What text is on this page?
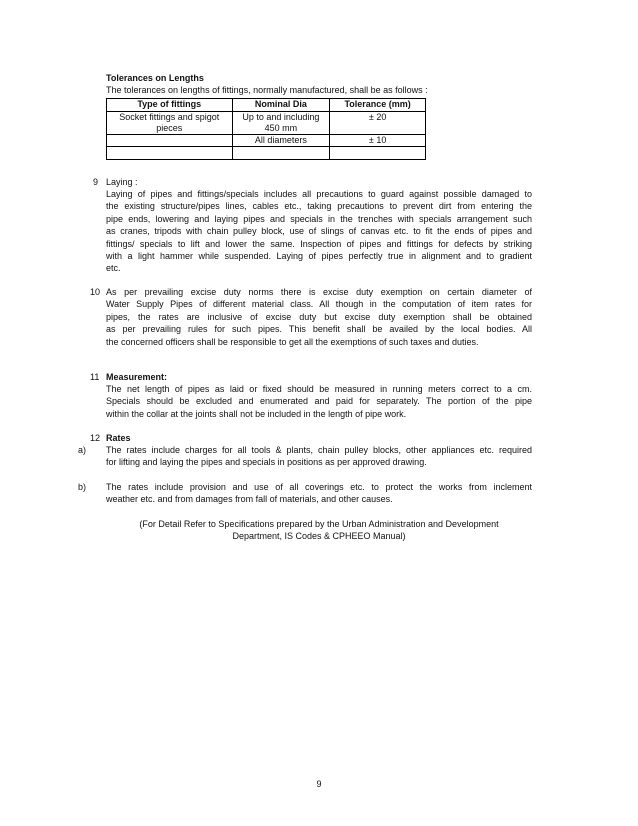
Tolerances on Lengths
The tolerances on lengths of fittings, normally manufactured, shall be as follows :
Type of fittings	Nominal Dia	Tolerance (mm)
Socket fittings and spigot pieces	Up to and including 450 mm	± 20
	All diameters	± 10

9 Laying :
Laying of pipes and fittings/specials includes all precautions to guard against possible damaged to
the existing structure/pipes lines, cables etc., taking precautions to prevent dirt from entering the
pipe ends, lowering and laying pipes and specials in the trenches with specials arrangement such
as cranes, tripods with chain pulley block, use of slings of canvas etc. to fit the ends of pipes and
fittings/ specials to lift and lower the same. Inspection of pipes and fittings for defects by striking
with a light hammer while suspended. Laying of pipes perfectly true in alignment and to gradient
etc.
10 As per prevailing excise duty norms there is excise duty exemption on certain diameter of
Water Supply Pipes of different material class. All though in the computation of item rates for
pipes, the rates are inclusive of excise duty but excise duty exemption shall be obtained
as per prevailing rules for such pipes. This benefit shall be availed by the local bodies. All
the concerned officers shall be responsible to get all the exemptions of such taxes and duties.
11 Measurement:
The net length of pipes as laid or fixed should be measured in running meters correct to a cm.
Specials should be excluded and enumerated and paid for separately. The portion of the pipe
within the collar at the joints shall not be included in the length of pipe work.
12 Rates
a) The rates include charges for all tools & plants, chain pulley blocks, other appliances etc. required
for lifting and laying the pipes and specials in positions as per approved drawing.
b) The rates include provision and use of all coverings etc. to protect the works from inclement
weather etc. and from damages from fall of materials, and other causes.
(For Detail Refer to Specifications prepared by the Urban Administration and Development
Department, IS Codes & CPHEEO Manual)
9
